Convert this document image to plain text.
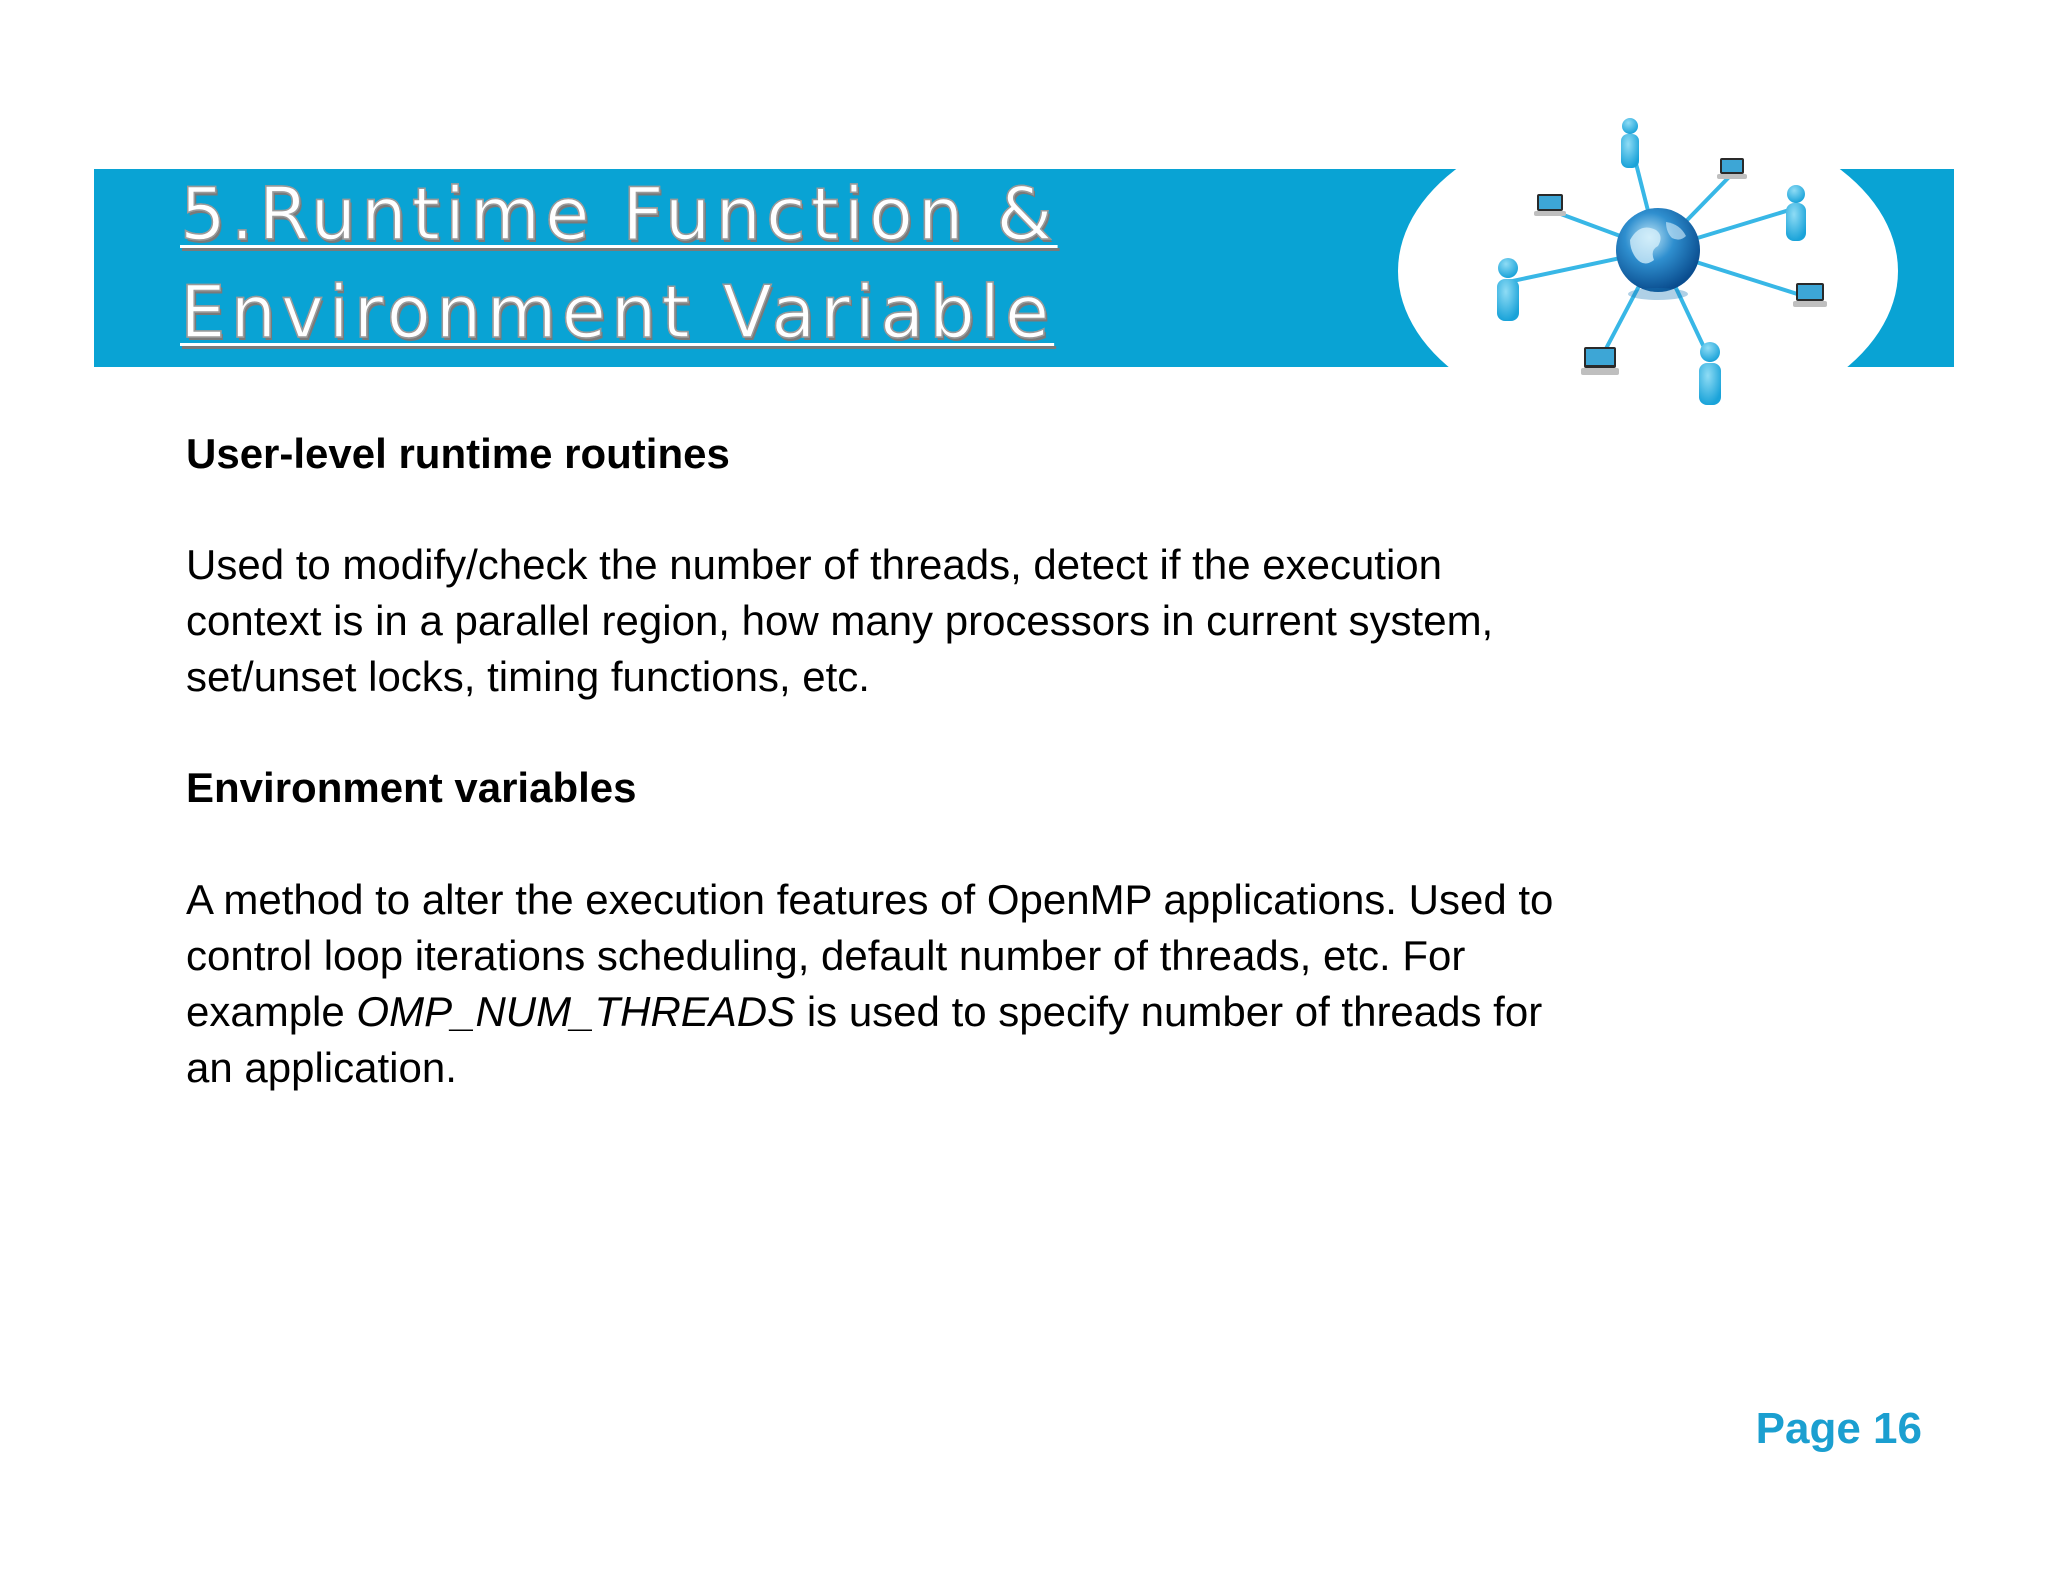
5.Runtime Function &
Environment Variable
User-level runtime routines
Used to modify/check the number of threads, detect if the execution
context is in a parallel region, how many processors in current system,
set/unset locks, timing functions, etc.
Environment variables
A method to alter the execution features of OpenMP applications. Used to
control loop iterations scheduling, default number of threads, etc. For
example OMP_NUM_THREADS is used to specify number of threads for
an application.
Page 16
